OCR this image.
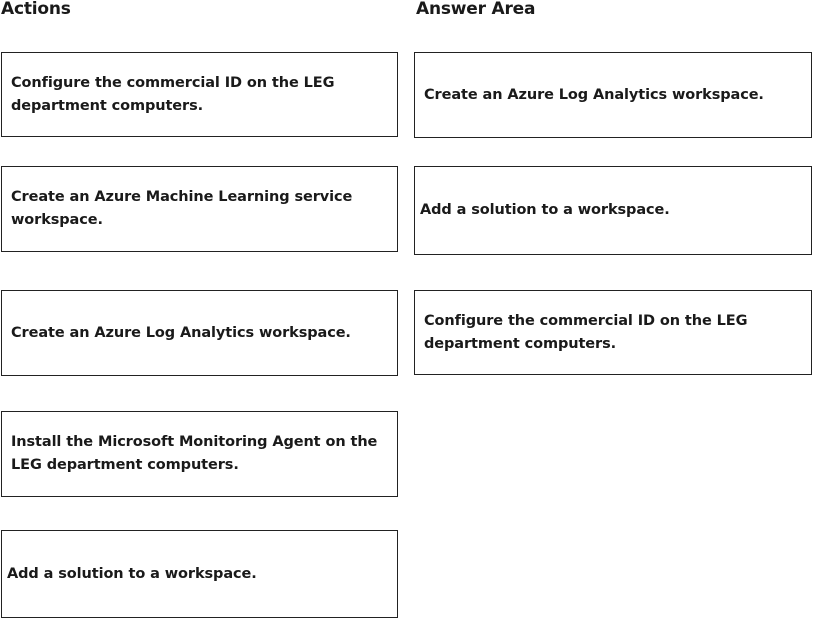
Actions	Answer Area
Configure the commercial ID on the LEG department computers.
Create an Azure Machine Learning service workspace.
Create an Azure Log Analytics workspace.
Install the Microsoft Monitoring Agent on the LEG department computers.
Add a solution to a workspace.
Create an Azure Log Analytics workspace.
Add a solution to a workspace.
Configure the commercial ID on the LEG department computers.
